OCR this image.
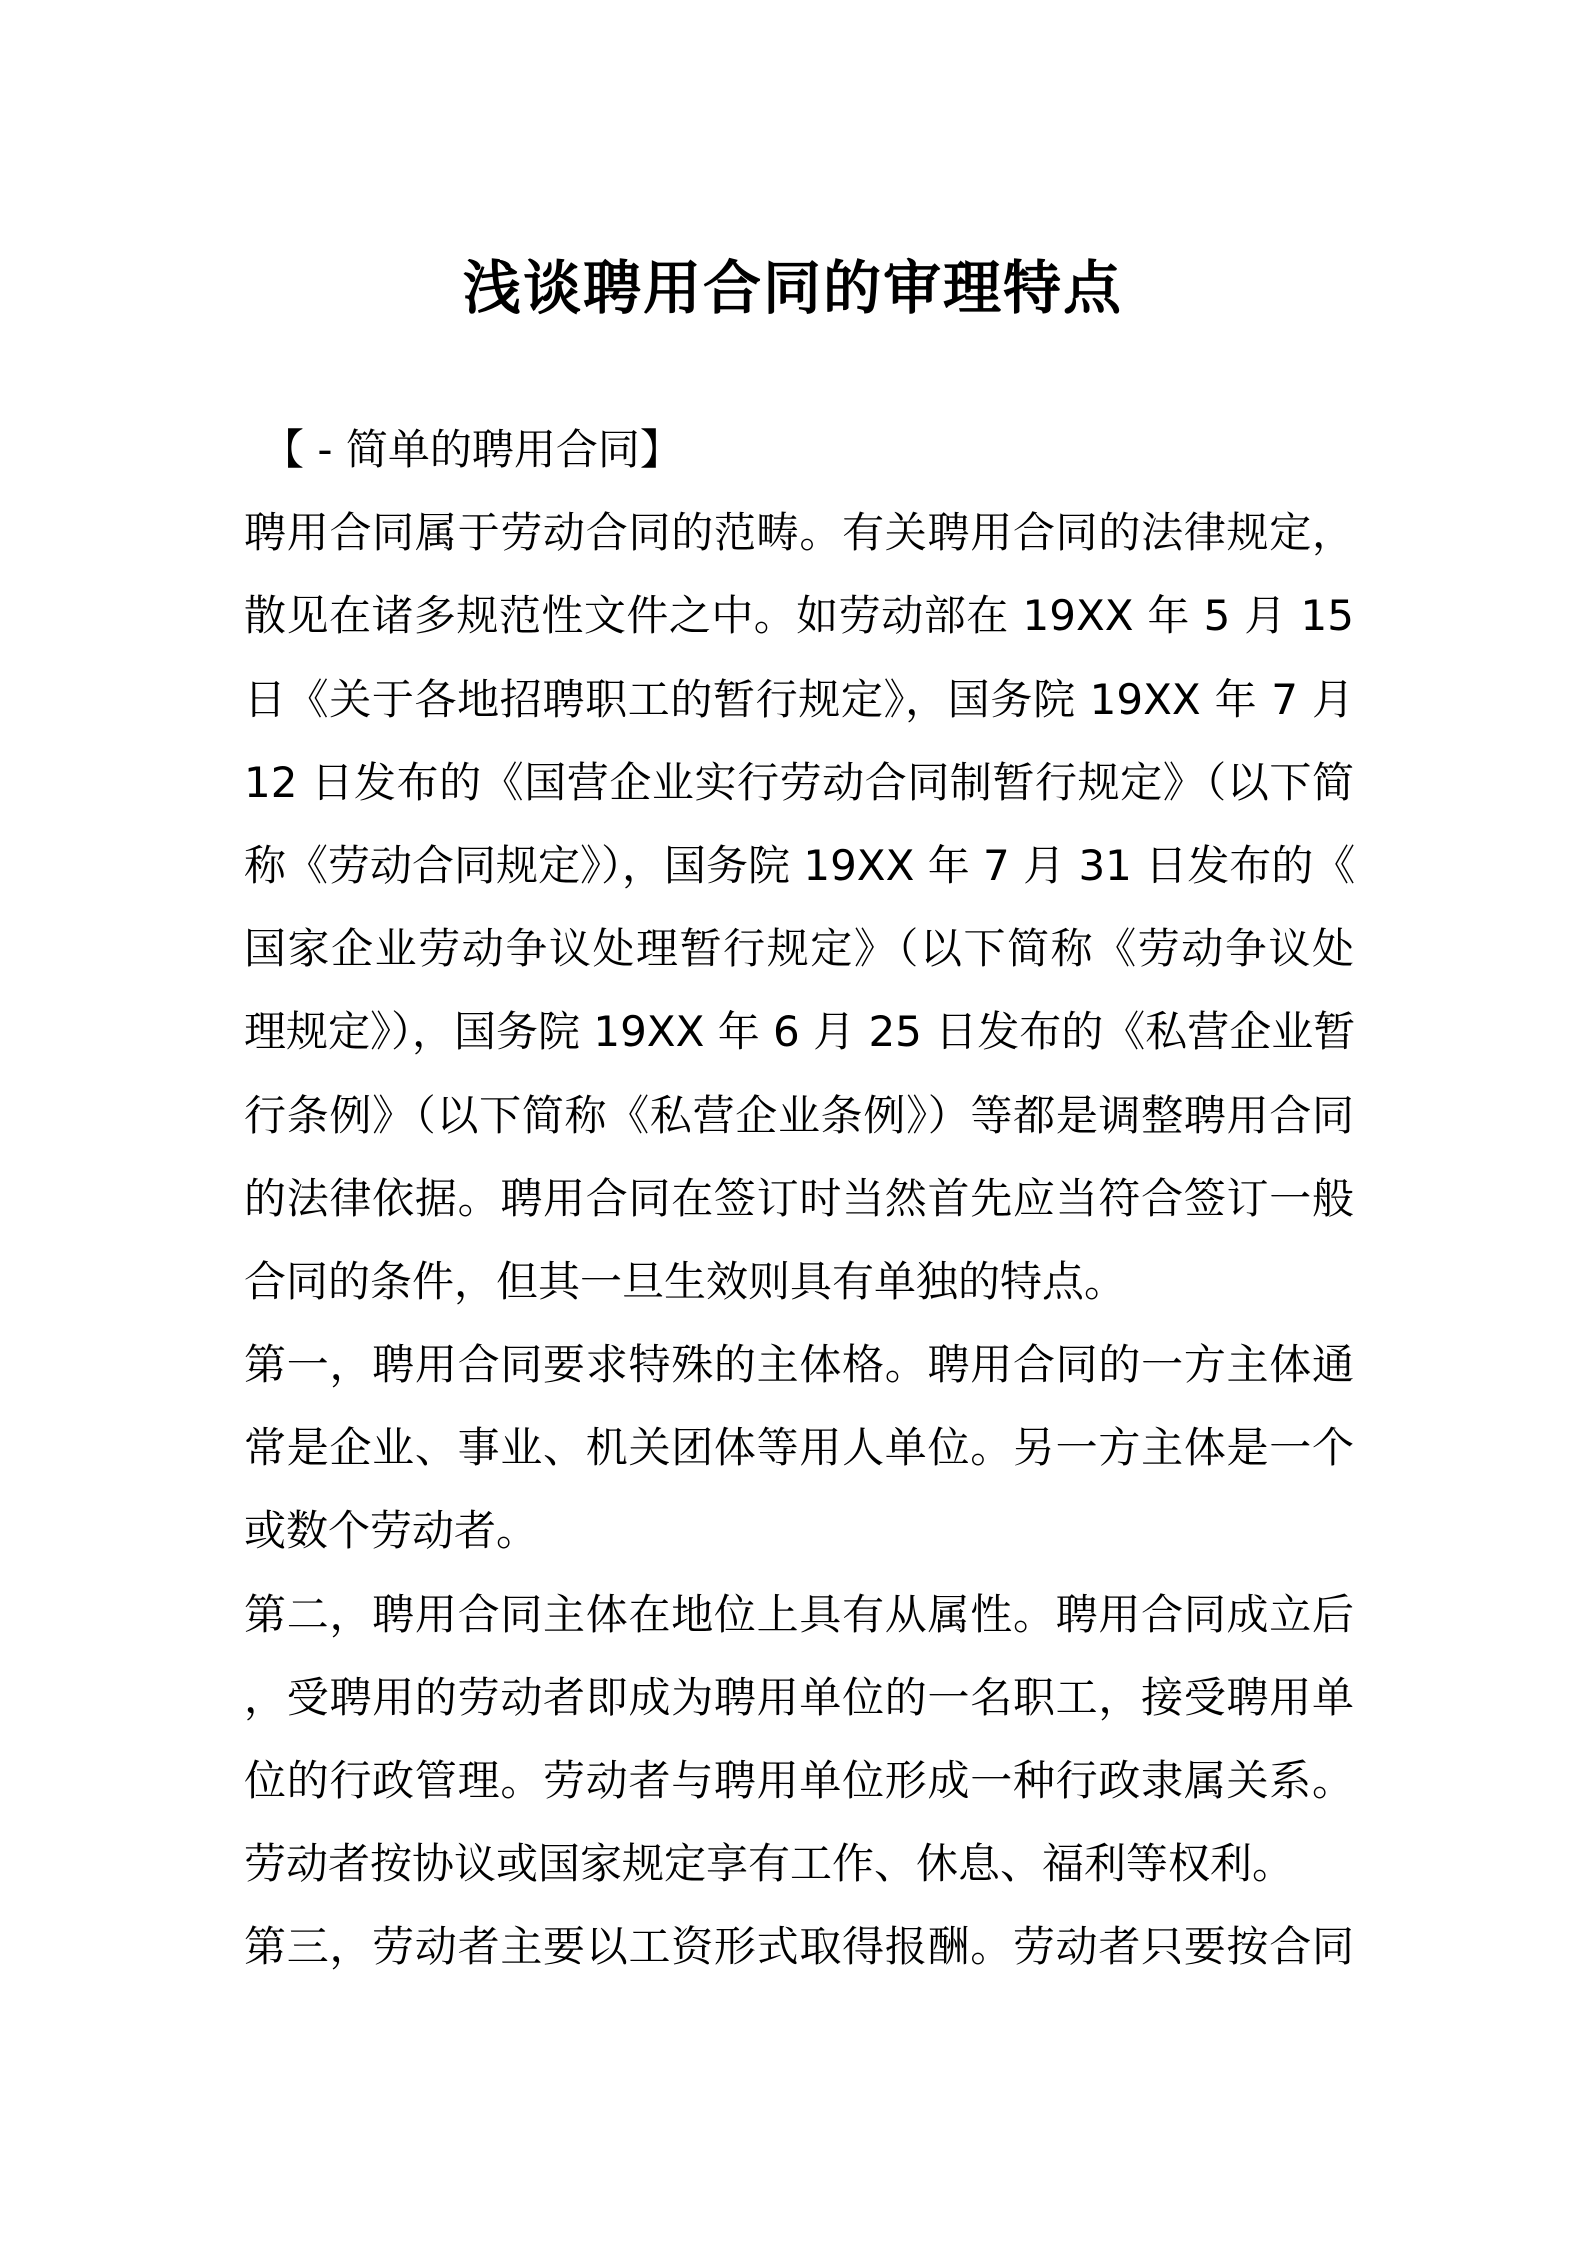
浅谈聘用合同的审理特点
【 - 简单的聘用合同】
聘用合同属于劳动合同的范畴。有关聘用合同的法律规定，
散见在诸多规范性文件之中。如劳动部在 19XX 年 5 月 15
日《关于各地招聘职工的暂行规定》，国务院 19XX 年 7 月
12 日发布的《国营企业实行劳动合同制暂行规定》（以下简
称《劳动合同规定》），国务院 19XX 年 7 月 31 日发布的《
国家企业劳动争议处理暂行规定》（以下简称《劳动争议处
理规定》），国务院 19XX 年 6 月 25 日发布的《私营企业暂
行条例》（以下简称《私营企业条例》）等都是调整聘用合同
的法律依据。聘用合同在签订时当然首先应当符合签订一般
合同的条件，但其一旦生效则具有单独的特点。
第一，聘用合同要求特殊的主体格。聘用合同的一方主体通
常是企业、事业、机关团体等用人单位。另一方主体是一个
或数个劳动者。
第二，聘用合同主体在地位上具有从属性。聘用合同成立后
，受聘用的劳动者即成为聘用单位的一名职工，接受聘用单
位的行政管理。劳动者与聘用单位形成一种行政隶属关系。
劳动者按协议或国家规定享有工作、休息、福利等权利。
第三，劳动者主要以工资形式取得报酬。劳动者只要按合同
